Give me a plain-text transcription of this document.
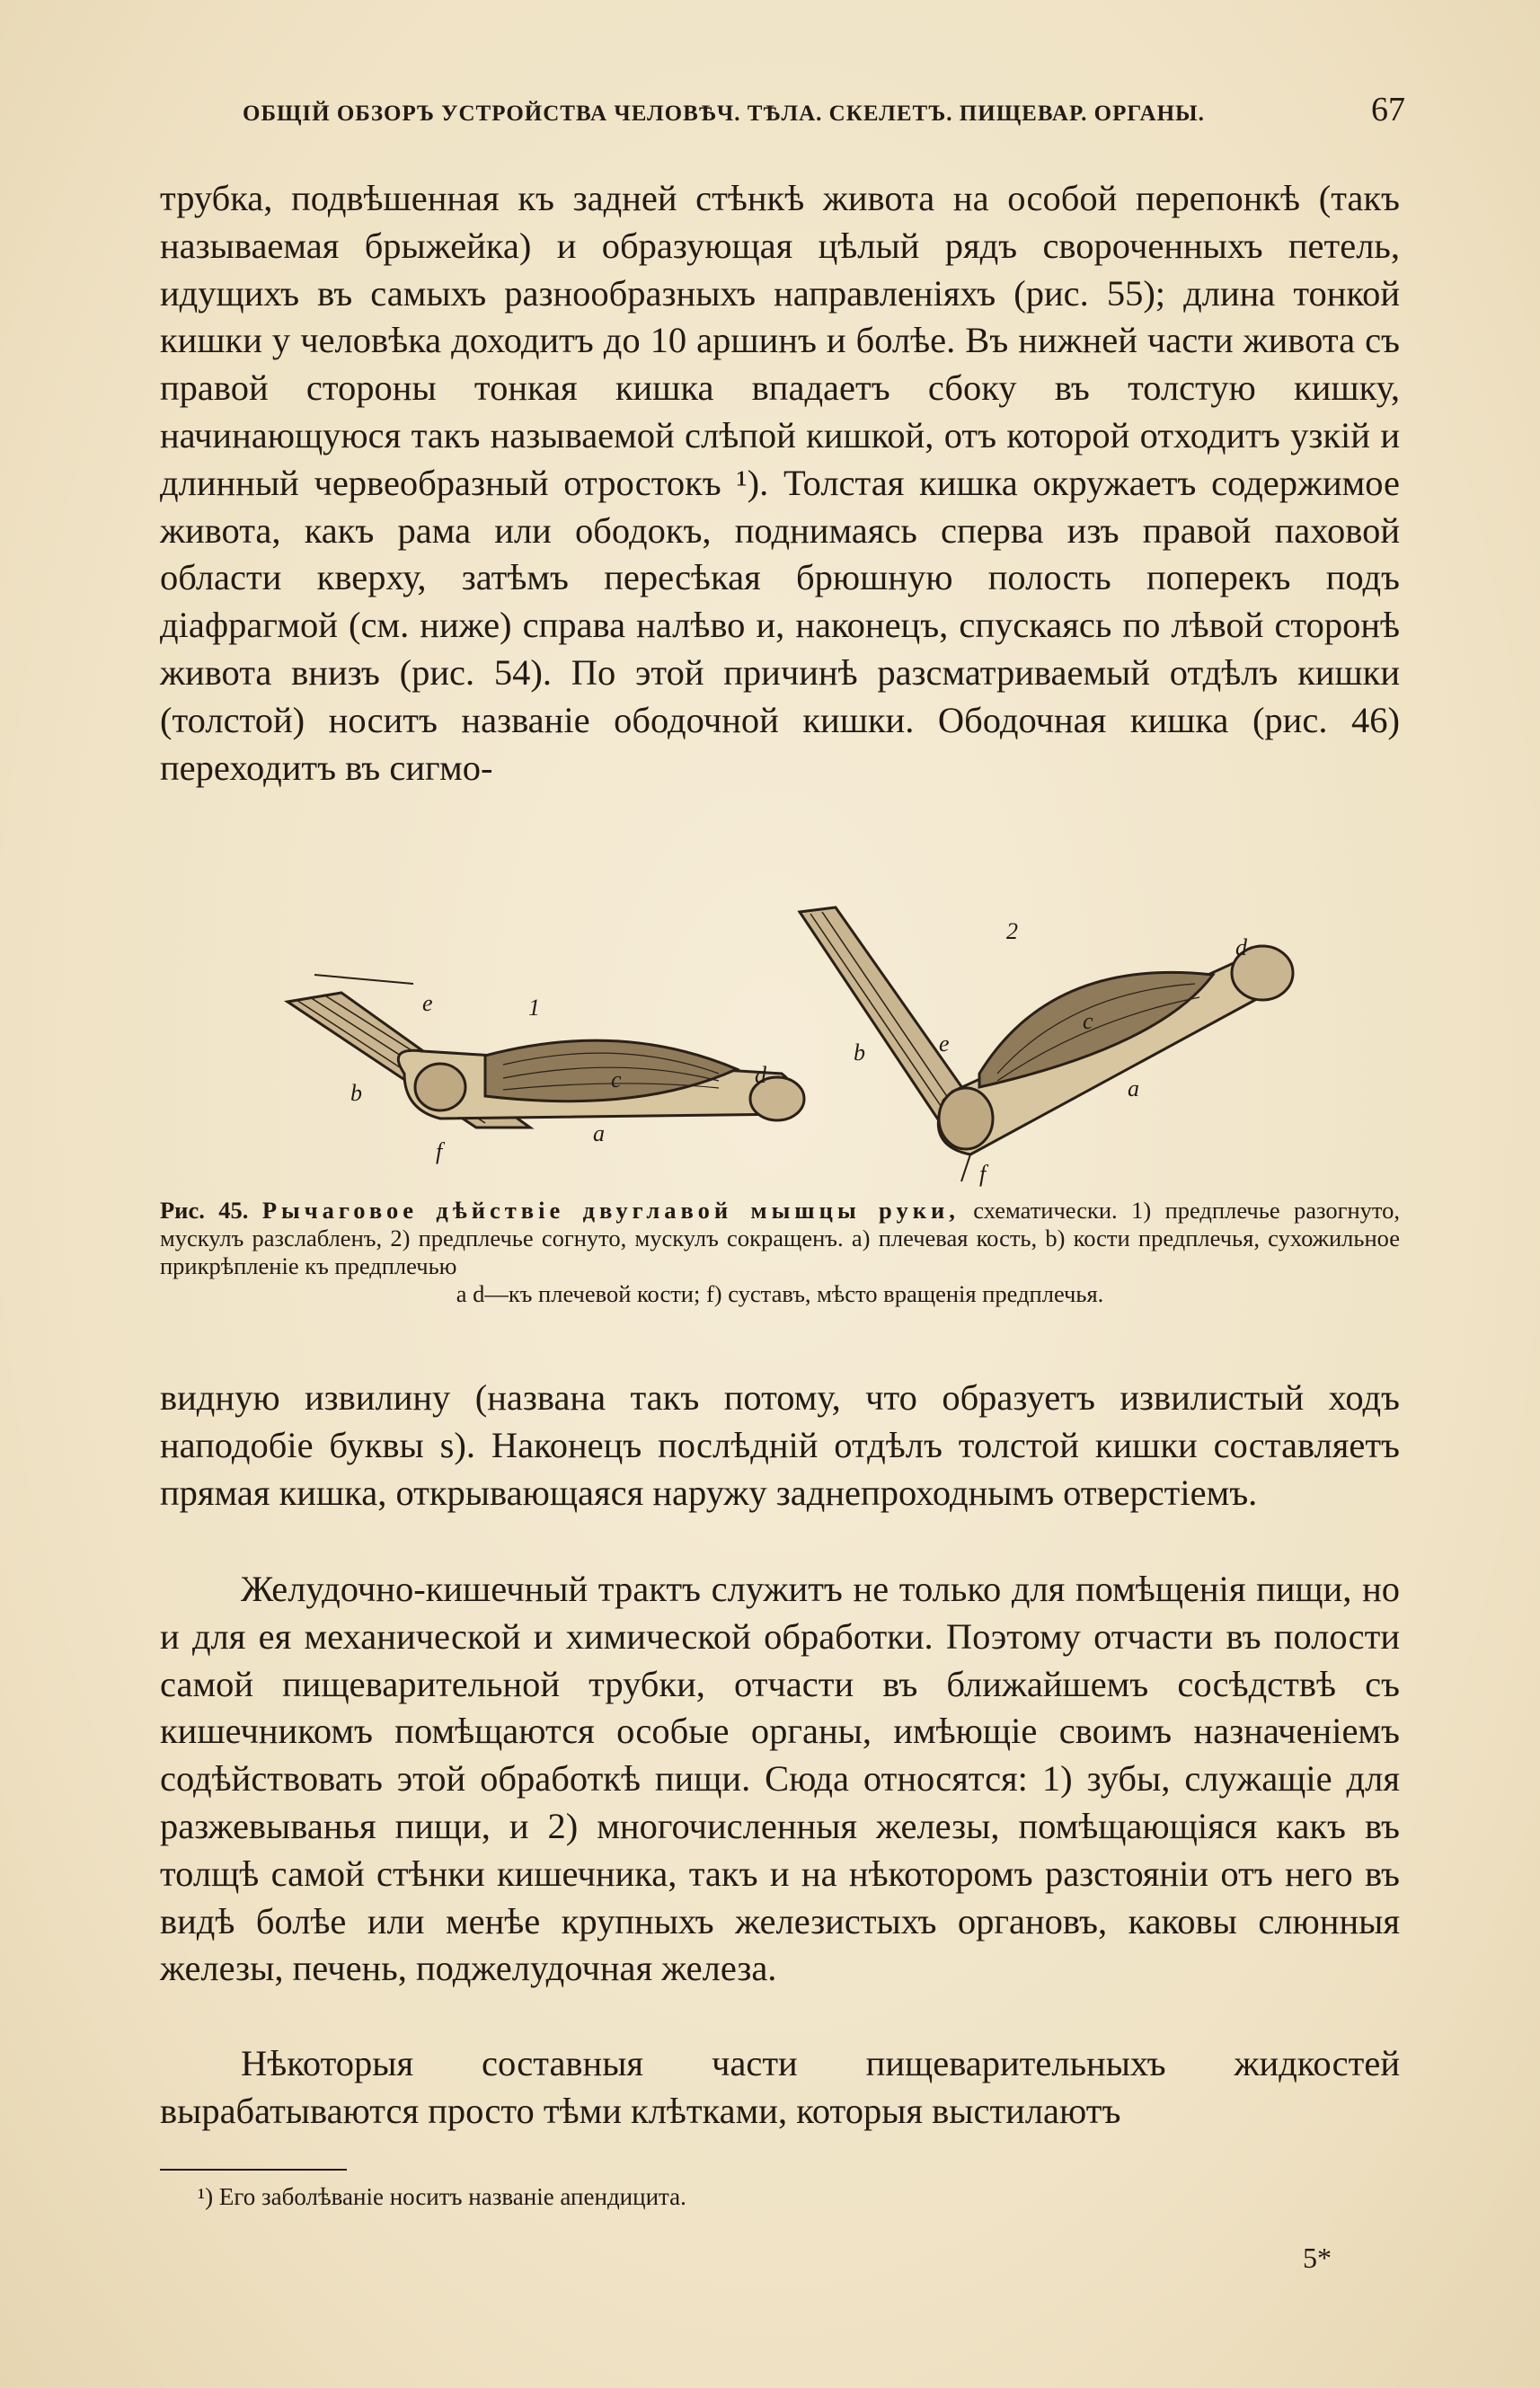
ОБЩІЙ ОБЗОРЪ УСТРОЙСТВА ЧЕЛОВѢЧ. ТѢЛА. СКЕЛЕТЪ. ПИЩЕВАР. ОРГАНЫ.	67
трубка, подвѣшенная къ задней стѣнкѣ живота на особой перепонкѣ (такъ называемая брыжейка) и образующая цѣлый рядъ свороченныхъ петель, идущихъ въ самыхъ разнообразныхъ направленіяхъ (рис. 55); длина тонкой кишки у человѣка доходитъ до 10 аршинъ и болѣе. Въ нижней части живота съ правой стороны тонкая кишка впадаетъ сбоку въ толстую кишку, начинающуюся такъ называемой слѣпой кишкой, отъ которой отходитъ узкій и длинный червеобразный отростокъ ¹). Толстая кишка окружаетъ содержимое живота, какъ рама или ободокъ, поднимаясь сперва изъ правой паховой области кверху, затѣмъ пересѣкая брюшную полость поперекъ подъ діафрагмой (см. ниже) справа налѣво и, наконецъ, спускаясь по лѣвой сторонѣ живота внизъ (рис. 54). По этой причинѣ разсматриваемый отдѣлъ кишки (толстой) носитъ названіе ободочной кишки. Ободочная кишка (рис. 46) переходитъ въ сигмо-
1
e
b
c	d
a
f
2
d
b	e
c
a
f
Рис. 45. Рычаговое дѣйствіе двуглавой мышцы руки, схематически. 1) предплечье разогнуто, мускулъ разслабленъ, 2) предплечье согнуто, мускулъ сокращенъ. a) плечевая кость, b) кости предплечья, сухожильное прикрѣпленіе къ предплечью
a d—къ плечевой кости; f) суставъ, мѣсто вращенія предплечья.
видную извилину (названа такъ потому, что образуетъ извилистый ходъ наподобіе буквы s). Наконецъ послѣдній отдѣлъ толстой кишки составляетъ прямая кишка, открывающаяся наружу заднепроходнымъ отверстіемъ.
Желудочно-кишечный трактъ служитъ не только для помѣщенія пищи, но и для ея механической и химической обработки. Поэтому отчасти въ полости самой пищеварительной трубки, отчасти въ ближайшемъ сосѣдствѣ съ кишечникомъ помѣщаются особые органы, имѣющіе своимъ назначеніемъ содѣйствовать этой обработкѣ пищи. Сюда относятся: 1) зубы, служащіе для разжевыванья пищи, и 2) многочисленныя железы, помѣщающіяся какъ въ толщѣ самой стѣнки кишечника, такъ и на нѣкоторомъ разстояніи отъ него въ видѣ болѣе или менѣе крупныхъ железистыхъ органовъ, каковы слюнныя железы, печень, поджелудочная железа.
Нѣкоторыя составныя части пищеварительныхъ жидкостей вырабатываются просто тѣми клѣтками, которыя выстилаютъ
¹) Его заболѣваніе носитъ названіе апендицита.
5*
